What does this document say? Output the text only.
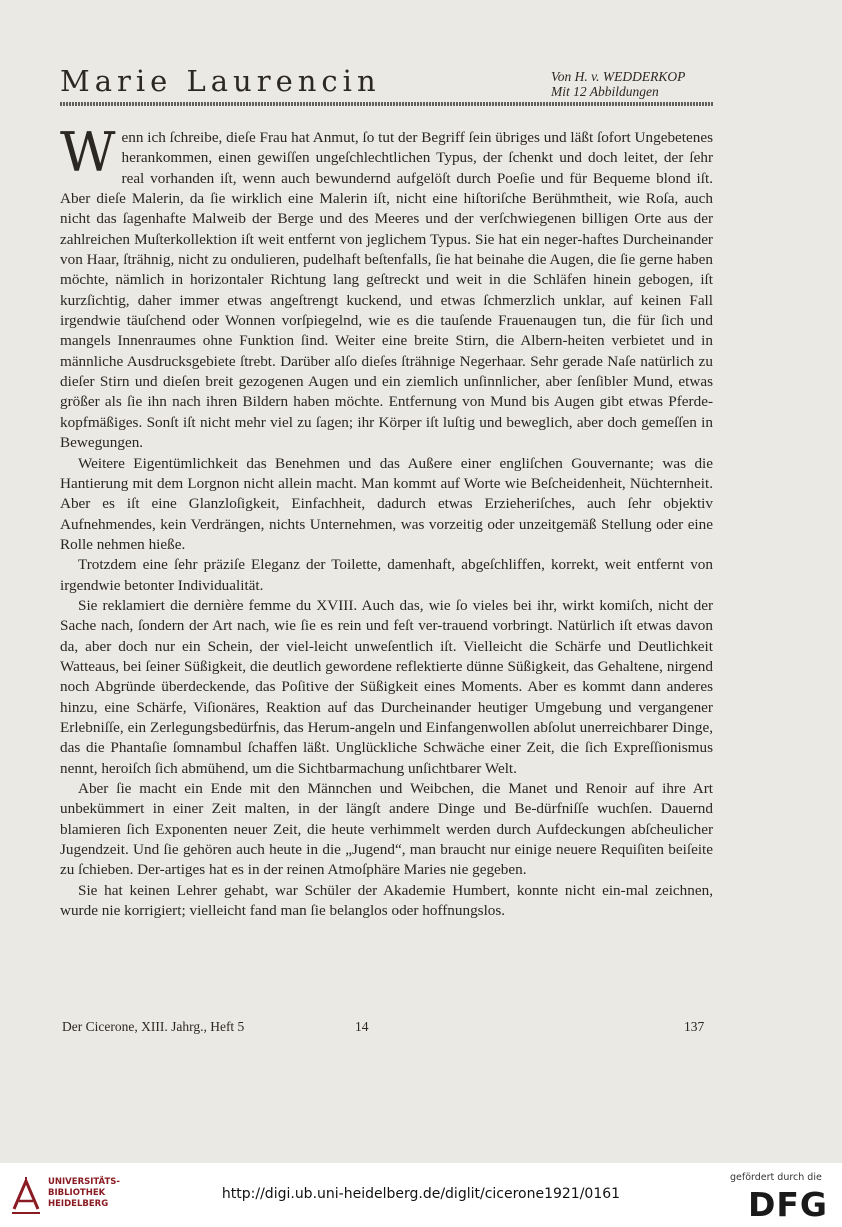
Marie Laurencin	Von H. v. WEDDERKOP
Mit 12 Abbildungen

Wenn ich ſchreibe, dieſe Frau hat Anmut, ſo tut der Begriff ſein übriges und läßt ſofort Ungebetenes herankommen, einen gewiſſen ungeſchlechtlichen Typus, der ſchenkt und doch leitet, der ſehr real vorhanden iſt, wenn auch bewundernd aufgelöſt durch Poeſie und für Bequeme blond iſt. Aber dieſe Malerin, da ſie wirklich eine Malerin iſt, nicht eine hiſtoriſche Berühmtheit, wie Roſa, auch nicht das ſagenhafte Malweib der Berge und des Meeres und der verſchwiegenen billigen Orte aus der zahlreichen Muſterkollektion iſt weit entfernt von jeglichem Typus. Sie hat ein neger-haftes Durcheinander von Haar, ſträhnig, nicht zu ondulieren, pudelhaft beſtenfalls, ſie hat beinahe die Augen, die ſie gerne haben möchte, nämlich in horizontaler Richtung lang geſtreckt und weit in die Schläfen hinein gebogen, iſt kurzſichtig, daher immer etwas angeſtrengt kuckend, und etwas ſchmerzlich unklar, auf keinen Fall irgendwie täuſchend oder Wonnen vorſpiegelnd, wie es die tauſende Frauenaugen tun, die für ſich und mangels Innenraumes ohne Funktion ſind. Weiter eine breite Stirn, die Albern-heiten verbietet und in männliche Ausdrucksgebiete ſtrebt. Darüber alſo dieſes ſträhnige Negerhaar. Sehr gerade Naſe natürlich zu dieſer Stirn und dieſen breit gezogenen Augen und ein ziemlich unſinnlicher, aber ſenſibler Mund, etwas größer als ſie ihn nach ihren Bildern haben möchte. Entfernung von Mund bis Augen gibt etwas Pferde-kopfmäßiges. Sonſt iſt nicht mehr viel zu ſagen; ihr Körper iſt luſtig und beweglich, aber doch gemeſſen in Bewegungen.

Weitere Eigentümlichkeit das Benehmen und das Außere einer engliſchen Gouvernante; was die Hantierung mit dem Lorgnon nicht allein macht. Man kommt auf Worte wie Beſcheidenheit, Nüchternheit. Aber es iſt eine Glanzloſigkeit, Einfachheit, dadurch etwas Erzieheriſches, auch ſehr objektiv Aufnehmendes, kein Verdrängen, nichts Unternehmen, was vorzeitig oder unzeitgemäß Stellung oder eine Rolle nehmen hieße.

Trotzdem eine ſehr präziſe Eleganz der Toilette, damenhaft, abgeſchliffen, korrekt, weit entfernt von irgendwie betonter Individualität.

Sie reklamiert die dernière femme du XVIII. Auch das, wie ſo vieles bei ihr, wirkt komiſch, nicht der Sache nach, ſondern der Art nach, wie ſie es rein und feſt ver-trauend vorbringt. Natürlich iſt etwas davon da, aber doch nur ein Schein, der viel-leicht unweſentlich iſt. Vielleicht die Schärfe und Deutlichkeit Watteaus, bei ſeiner Süßigkeit, die deutlich gewordene reflektierte dünne Süßigkeit, das Gehaltene, nirgend noch Abgründe überdeckende, das Poſitive der Süßigkeit eines Moments. Aber es kommt dann anderes hinzu, eine Schärfe, Viſionäres, Reaktion auf das Durcheinander heutiger Umgebung und vergangener Erlebniſſe, ein Zerlegungsbedürfnis, das Herum-angeln und Einfangenwollen abſolut unerreichbarer Dinge, das die Phantaſie ſomnambul ſchaffen läßt. Unglückliche Schwäche einer Zeit, die ſich Expreſſionismus nennt, heroiſch ſich abmühend, um die Sichtbarmachung unſichtbarer Welt.

Aber ſie macht ein Ende mit den Männchen und Weibchen, die Manet und Renoir auf ihre Art unbekümmert in einer Zeit malten, in der längſt andere Dinge und Be-dürfniſſe wuchſen. Dauernd blamieren ſich Exponenten neuer Zeit, die heute verhimmelt werden durch Aufdeckungen abſcheulicher Jugendzeit. Und ſie gehören auch heute in die „Jugend“, man braucht nur einige neuere Requiſiten beiſeite zu ſchieben. Der-artiges hat es in der reinen Atmoſphäre Maries nie gegeben.

Sie hat keinen Lehrer gehabt, war Schüler der Akademie Humbert, konnte nicht ein-mal zeichnen, wurde nie korrigiert; vielleicht fand man ſie belanglos oder hoffnungslos.

Der Cicerone, XIII. Jahrg., Heft 5	14	137
UNIVERSITÄTS-
BIBLIOTHEK
HEIDELBERG
http://digi.ub.uni-heidelberg.de/diglit/cicerone1921/0161
gefördert durch die
DFG
